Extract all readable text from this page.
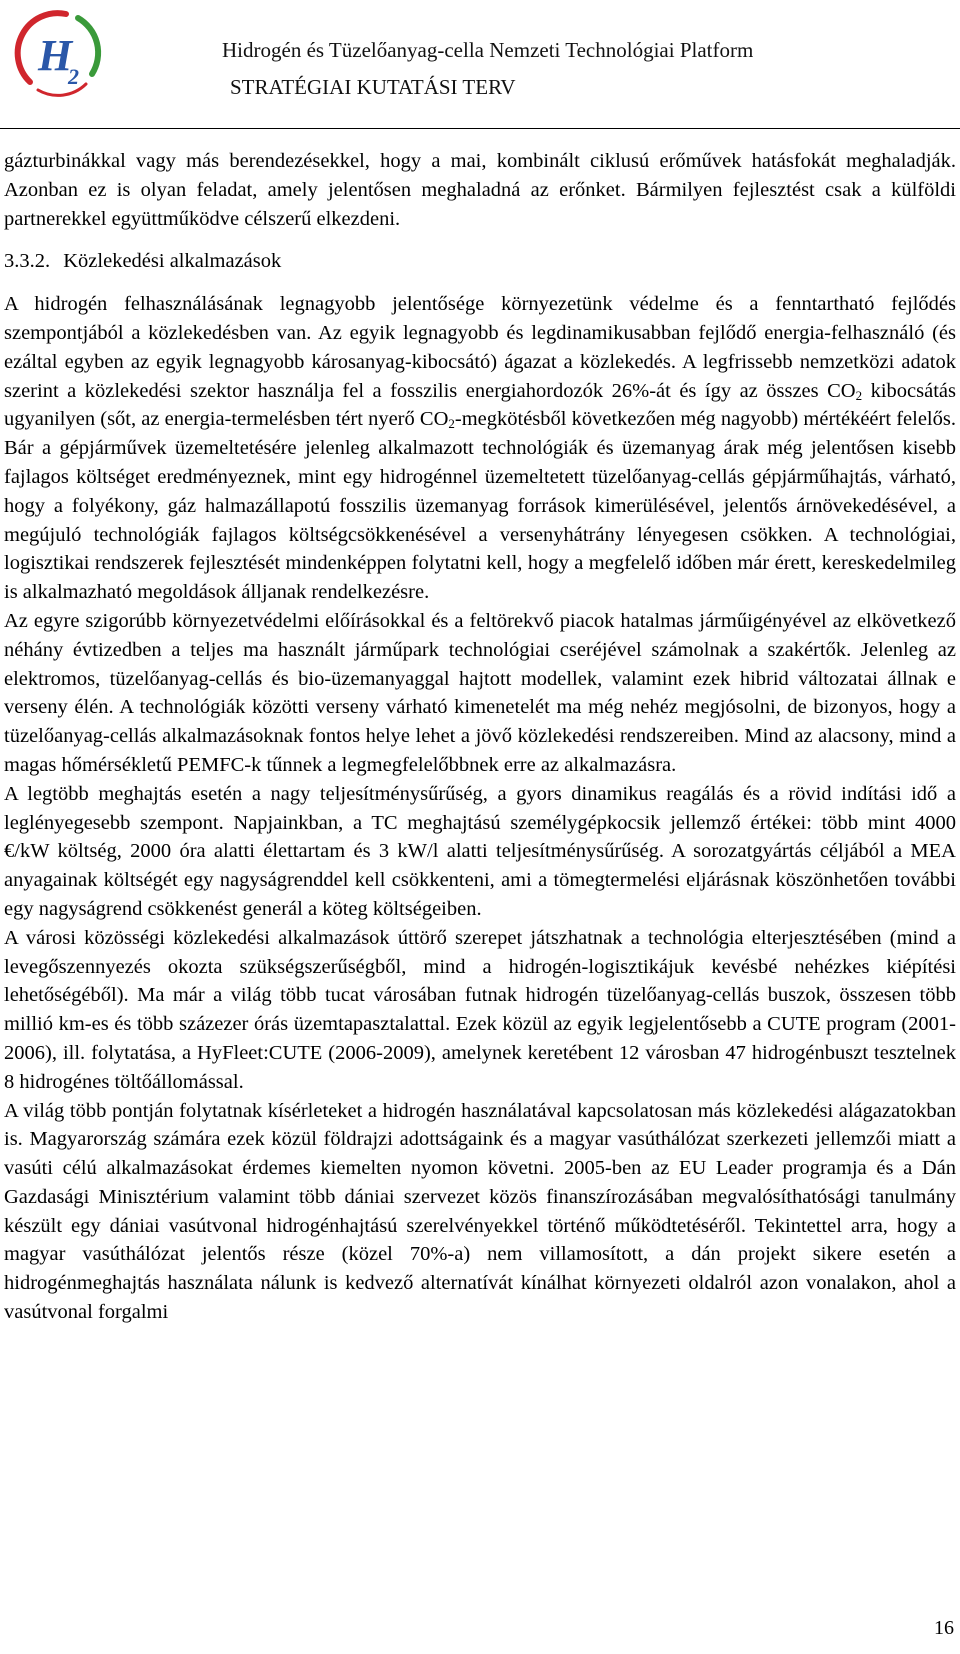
H
2
Hidrogén és Tüzelőanyag-cella Nemzeti Technológiai Platform
STRATÉGIAI KUTATÁSI TERV

gázturbinákkal vagy más berendezésekkel, hogy a mai, kombinált ciklusú erőművek hatásfokát meghaladják. Azonban ez is olyan feladat, amely jelentősen meghaladná az erőnket. Bármilyen fejlesztést csak a külföldi partnerekkel együttműködve célszerű elkezdeni.

3.3.2. Közlekedési alkalmazások

A hidrogén felhasználásának legnagyobb jelentősége környezetünk védelme és a fenntartható fejlődés szempontjából a közlekedésben van. Az egyik legnagyobb és legdinamikusabban fejlődő energia-felhasználó (és ezáltal egyben az egyik legnagyobb károsanyag-kibocsátó) ágazat a közlekedés. A legfrissebb nemzetközi adatok szerint a közlekedési szektor használja fel a fosszilis energiahordozók 26%-át és így az összes $CO_2$ kibocsátás ugyanilyen (sőt, az energia-termelésben tért nyerő $CO_2$-megkötésből következően még nagyobb) mértékéért felelős. Bár a gépjárművek üzemeltetésére jelenleg alkalmazott technológiák és üzemanyag árak még jelentősen kisebb fajlagos költséget eredményeznek, mint egy hidrogénnel üzemeltetett tüzelőanyag-cellás gépjárműhajtás, várható, hogy a folyékony, gáz halmazállapotú fosszilis üzemanyag források kimerülésével, jelentős árnövekedésével, a megújuló technológiák fajlagos költségcsökkenésével a versenyhátrány lényegesen csökken. A technológiai, logisztikai rendszerek fejlesztését mindenképpen folytatni kell, hogy a megfelelő időben már érett, kereskedelmileg is alkalmazható megoldások álljanak rendelkezésre.

Az egyre szigorúbb környezetvédelmi előírásokkal és a feltörekvő piacok hatalmas járműigényével az elkövetkező néhány évtizedben a teljes ma használt járműpark technológiai cseréjével számolnak a szakértők. Jelenleg az elektromos, tüzelőanyag-cellás és bio-üzemanyaggal hajtott modellek, valamint ezek hibrid változatai állnak e verseny élén. A technológiák közötti verseny várható kimenetelét ma még nehéz megjósolni, de bizonyos, hogy a tüzelőanyag-cellás alkalmazásoknak fontos helye lehet a jövő közlekedési rendszereiben. Mind az alacsony, mind a magas hőmérsékletű PEMFC-k tűnnek a legmegfelelőbbnek erre az alkalmazásra.

A legtöbb meghajtás esetén a nagy teljesítménysűrűség, a gyors dinamikus reagálás és a rövid indítási idő a leglényegesebb szempont. Napjainkban, a TC meghajtású személygépkocsik jellemző értékei: több mint 4000 €/kW költség, 2000 óra alatti élettartam és 3 kW/l alatti teljesítménysűrűség. A sorozatgyártás céljából a MEA anyagainak költségét egy nagyságrenddel kell csökkenteni, ami a tömegtermelési eljárásnak köszönhetően további egy nagyságrend csökkenést generál a köteg költségeiben.

A városi közösségi közlekedési alkalmazások úttörő szerepet játszhatnak a technológia elterjesztésében (mind a levegőszennyezés okozta szükségszerűségből, mind a hidrogén-logisztikájuk kevésbé nehézkes kiépítési lehetőségéből). Ma már a világ több tucat városában futnak hidrogén tüzelőanyag-cellás buszok, összesen több millió km-es és több százezer órás üzemtapasztalattal. Ezek közül az egyik legjelentősebb a CUTE program (2001-2006), ill. folytatása, a HyFleet:CUTE (2006-2009), amelynek keretébent 12 városban 47 hidrogénbuszt tesztelnek 8 hidrogénes töltőállomással.

A világ több pontján folytatnak kísérleteket a hidrogén használatával kapcsolatosan más közlekedési alágazatokban is. Magyarország számára ezek közül földrajzi adottságaink és a magyar vasúthálózat szerkezeti jellemzői miatt a vasúti célú alkalmazásokat érdemes kiemelten nyomon követni. 2005-ben az EU Leader programja és a Dán Gazdasági Minisztérium valamint több dániai szervezet közös finanszírozásában megvalósíthatósági tanulmány készült egy dániai vasútvonal hidrogénhajtású szerelvényekkel történő működtetéséről. Tekintettel arra, hogy a magyar vasúthálózat jelentős része (közel 70%-a) nem villamosított, a dán projekt sikere esetén a hidrogénmeghajtás használata nálunk is kedvező alternatívát kínálhat környezeti oldalról azon vonalakon, ahol a vasútvonal forgalmi

16
